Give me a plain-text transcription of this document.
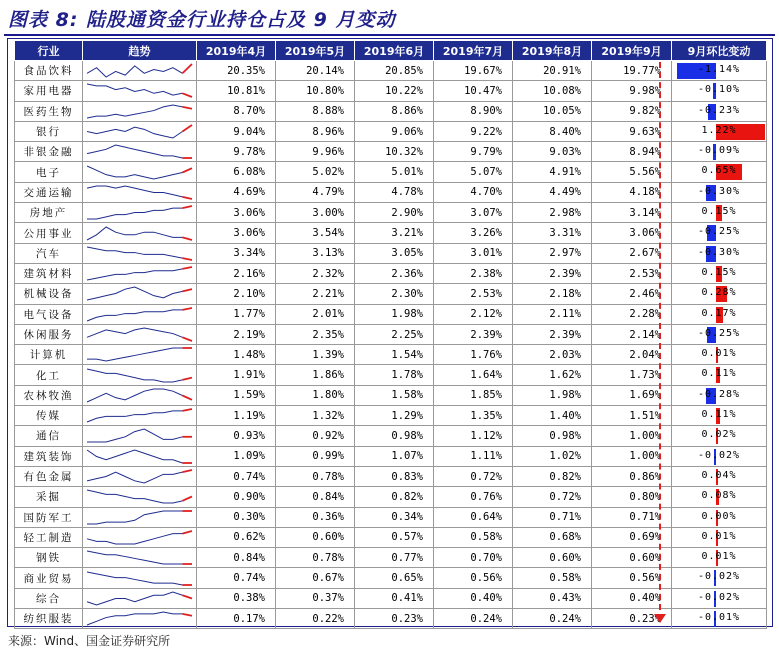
图表 8: 陆股通资金行业持仓占及 9 月变动
行业	趋势	2019年4月	2019年5月	2019年6月	2019年7月	2019年8月	2019年9月	9月环比变动
食品饮料		20.35%	20.14%	20.85%	19.67%	20.91%	19.77%	-1.14%

家用电器		10.81%	10.80%	10.22%	10.47%	10.08%	9.98%	-0.10%

医药生物		8.70%	8.88%	8.86%	8.90%	10.05%	9.82%	-0.23%

银行		9.04%	8.96%	9.06%	9.22%	8.40%	9.63%	1.22%

非银金融		9.78%	9.96%	10.32%	9.79%	9.03%	8.94%	-0.09%

电子		6.08%	5.02%	5.01%	5.07%	4.91%	5.56%	0.65%

交通运输		4.69%	4.79%	4.78%	4.70%	4.49%	4.18%	-0.30%

房地产		3.06%	3.00%	2.90%	3.07%	2.98%	3.14%	0.15%

公用事业		3.06%	3.54%	3.21%	3.26%	3.31%	3.06%	-0.25%

汽车		3.34%	3.13%	3.05%	3.01%	2.97%	2.67%	-0.30%

建筑材料		2.16%	2.32%	2.36%	2.38%	2.39%	2.53%	0.15%

机械设备		2.10%	2.21%	2.30%	2.53%	2.18%	2.46%	0.28%

电气设备		1.77%	2.01%	1.98%	2.12%	2.11%	2.28%	0.17%

休闲服务		2.19%	2.35%	2.25%	2.39%	2.39%	2.14%	-0.25%

计算机		1.48%	1.39%	1.54%	1.76%	2.03%	2.04%	0.01%

化工		1.91%	1.86%	1.78%	1.64%	1.62%	1.73%	0.11%

农林牧渔		1.59%	1.80%	1.58%	1.85%	1.98%	1.69%	-0.28%

传媒		1.19%	1.32%	1.29%	1.35%	1.40%	1.51%	0.11%

通信		0.93%	0.92%	0.98%	1.12%	0.98%	1.00%	0.02%

建筑装饰		1.09%	0.99%	1.07%	1.11%	1.02%	1.00%	-0.02%

有色金属		0.74%	0.78%	0.83%	0.72%	0.82%	0.86%	0.04%

采掘		0.90%	0.84%	0.82%	0.76%	0.72%	0.80%	0.08%

国防军工		0.30%	0.36%	0.34%	0.64%	0.71%	0.71%	0.00%

轻工制造		0.62%	0.60%	0.57%	0.58%	0.68%	0.69%	0.01%

钢铁		0.84%	0.78%	0.77%	0.70%	0.60%	0.60%	0.01%

商业贸易		0.74%	0.67%	0.65%	0.56%	0.58%	0.56%	-0.02%

综合		0.38%	0.37%	0.41%	0.40%	0.43%	0.40%	-0.02%

纺织服装		0.17%	0.22%	0.23%	0.24%	0.24%	0.23%	-0.01%
来源：Wind、国金证券研究所
